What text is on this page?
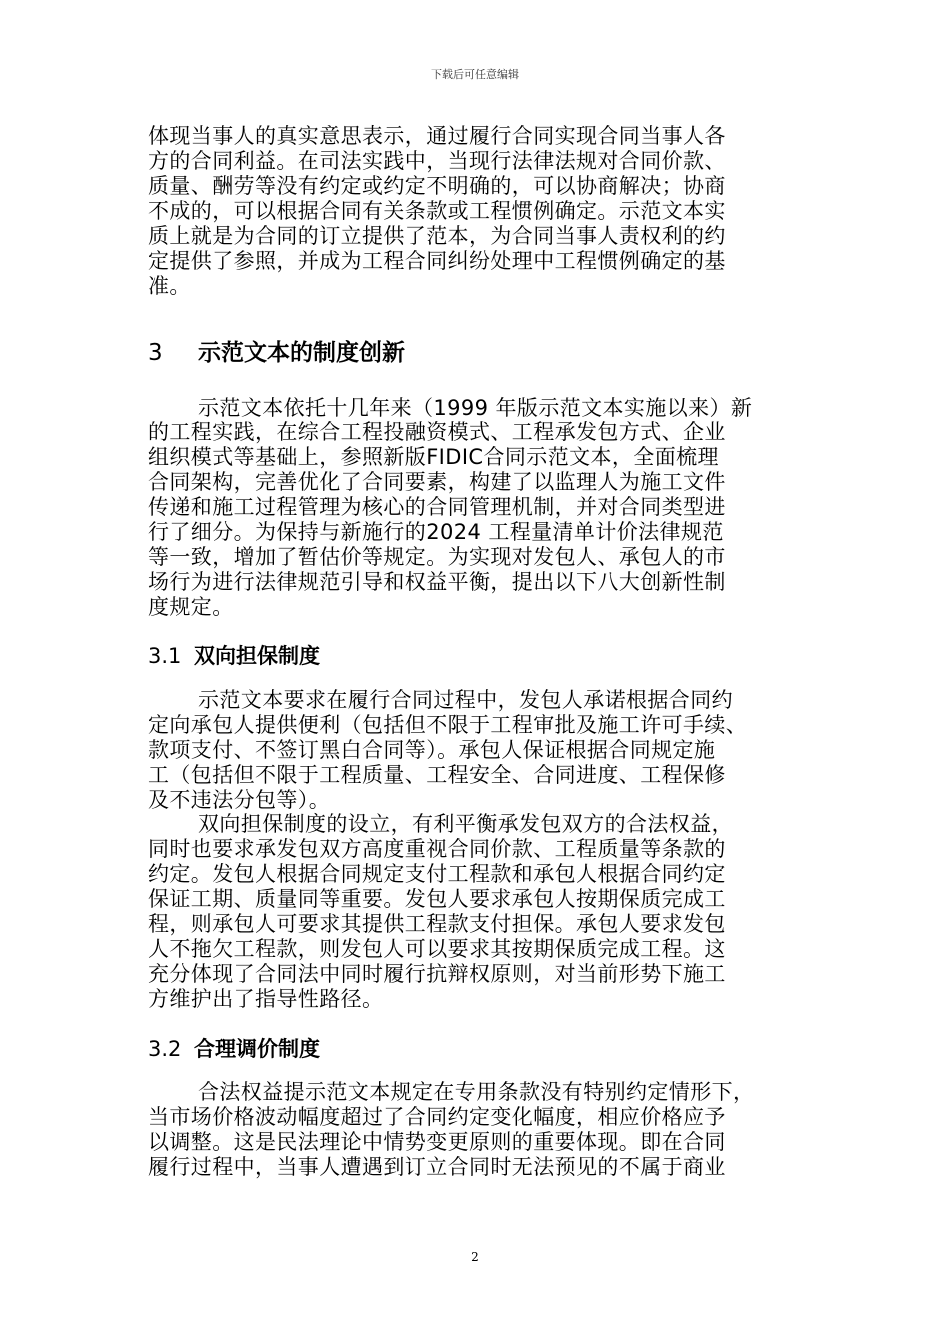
下载后可任意编辑
体现当事人的真实意思表示，通过履行合同实现合同当事人各
方的合同利益。在司法实践中，当现行法律法规对合同价款、
质量、酬劳等没有约定或约定不明确的，可以协商解决；协商
不成的，可以根据合同有关条款或工程惯例确定。示范文本实
质上就是为合同的订立提供了范本，为合同当事人责权利的约
定提供了参照，并成为工程合同纠纷处理中工程惯例确定的基
准。
3 示范文本的制度创新
示范文本依托十几年来（1999 年版示范文本实施以来）新
的工程实践，在综合工程投融资模式、工程承发包方式、企业
组织模式等基础上，参照新版FIDIC合同示范文本，全面梳理
合同架构，完善优化了合同要素，构建了以监理人为施工文件
传递和施工过程管理为核心的合同管理机制，并对合同类型进
行了细分。为保持与新施行的2024 工程量清单计价法律规范
等一致，增加了暂估价等规定。为实现对发包人、承包人的市
场行为进行法律规范引导和权益平衡，提出以下八大创新性制
度规定。
3.1 双向担保制度
示范文本要求在履行合同过程中，发包人承诺根据合同约
定向承包人提供便利（包括但不限于工程审批及施工许可手续、
款项支付、不签订黑白合同等）。承包人保证根据合同规定施
工（包括但不限于工程质量、工程安全、合同进度、工程保修
及不违法分包等）。
双向担保制度的设立，有利平衡承发包双方的合法权益，
同时也要求承发包双方高度重视合同价款、工程质量等条款的
约定。发包人根据合同规定支付工程款和承包人根据合同约定
保证工期、质量同等重要。发包人要求承包人按期保质完成工
程，则承包人可要求其提供工程款支付担保。承包人要求发包
人不拖欠工程款，则发包人可以要求其按期保质完成工程。这
充分体现了合同法中同时履行抗辩权原则，对当前形势下施工
方维护出了指导性路径。
3.2 合理调价制度
合法权益提示范文本规定在专用条款没有特别约定情形下，
当市场价格波动幅度超过了合同约定变化幅度，相应价格应予
以调整。这是民法理论中情势变更原则的重要体现。即在合同
履行过程中，当事人遭遇到订立合同时无法预见的不属于商业
2
